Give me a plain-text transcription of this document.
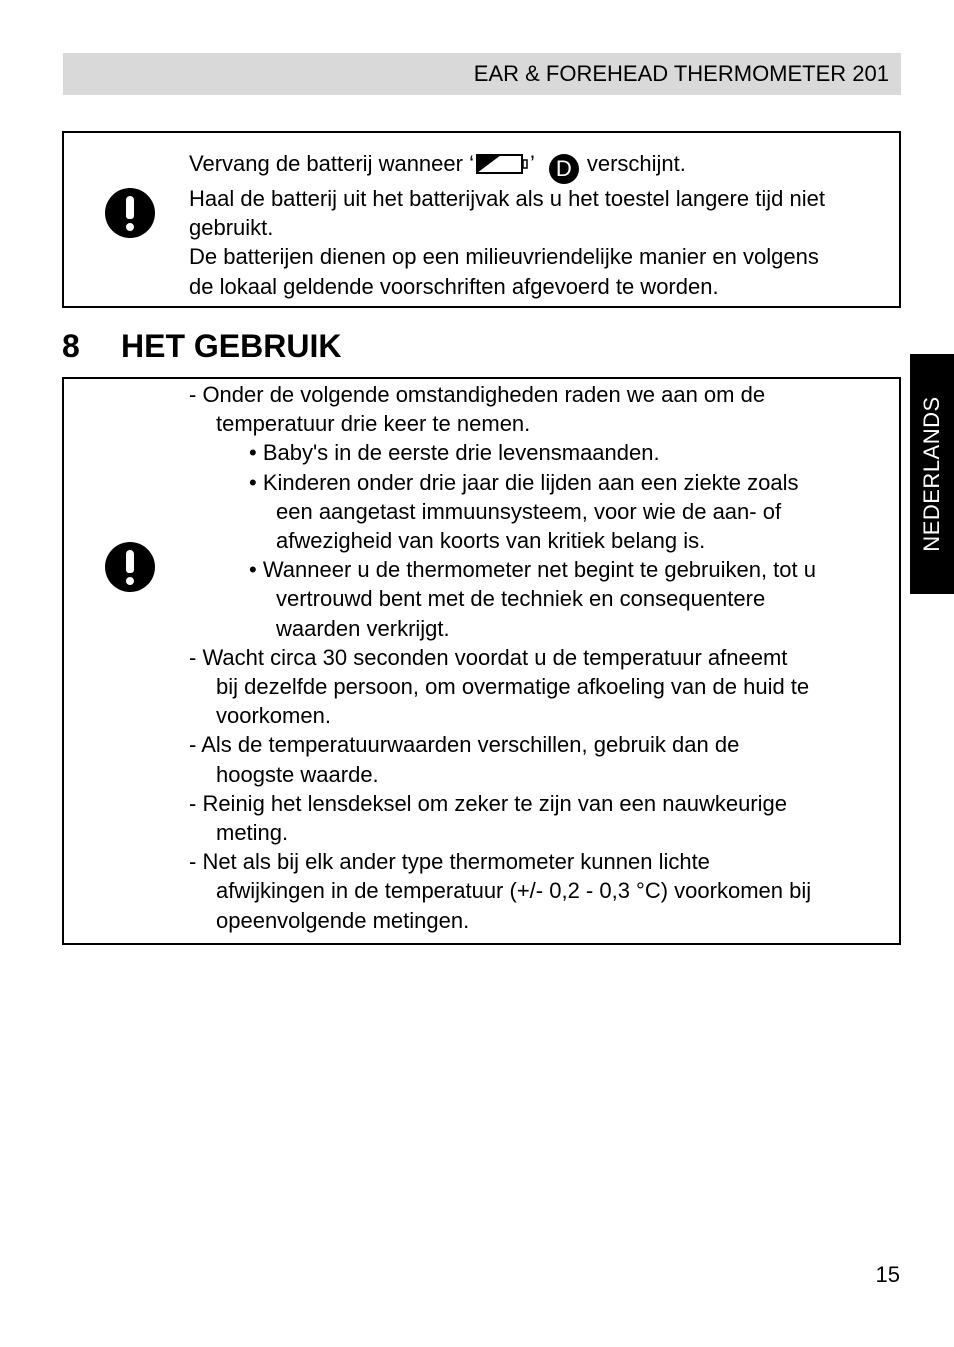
EAR & FOREHEAD THERMOMETER 201
Vervang de batterij wanneer ‘	’ D verschijnt.
Haal de batterij uit het batterijvak als u het toestel langere tijd niet
gebruikt.
De batterijen dienen op een milieuvriendelijke manier en volgens
de lokaal geldende voorschriften afgevoerd te worden.
8 HET GEBRUIK
- Onder de volgende omstandigheden raden we aan om de
temperatuur drie keer te nemen.
• Baby's in de eerste drie levensmaanden.
• Kinderen onder drie jaar die lijden aan een ziekte zoals
een aangetast immuunsysteem, voor wie de aan- of
afwezigheid van koorts van kritiek belang is.
• Wanneer u de thermometer net begint te gebruiken, tot u
vertrouwd bent met de techniek en consequentere
waarden verkrijgt.
- Wacht circa 30 seconden voordat u de temperatuur afneemt
bij dezelfde persoon, om overmatige afkoeling van de huid te
voorkomen.
- Als de temperatuurwaarden verschillen, gebruik dan de
hoogste waarde.
- Reinig het lensdeksel om zeker te zijn van een nauwkeurige
meting.
- Net als bij elk ander type thermometer kunnen lichte
afwijkingen in de temperatuur (+/- 0,2 - 0,3 °C) voorkomen bij
opeenvolgende metingen.
NEDERLANDS
15
